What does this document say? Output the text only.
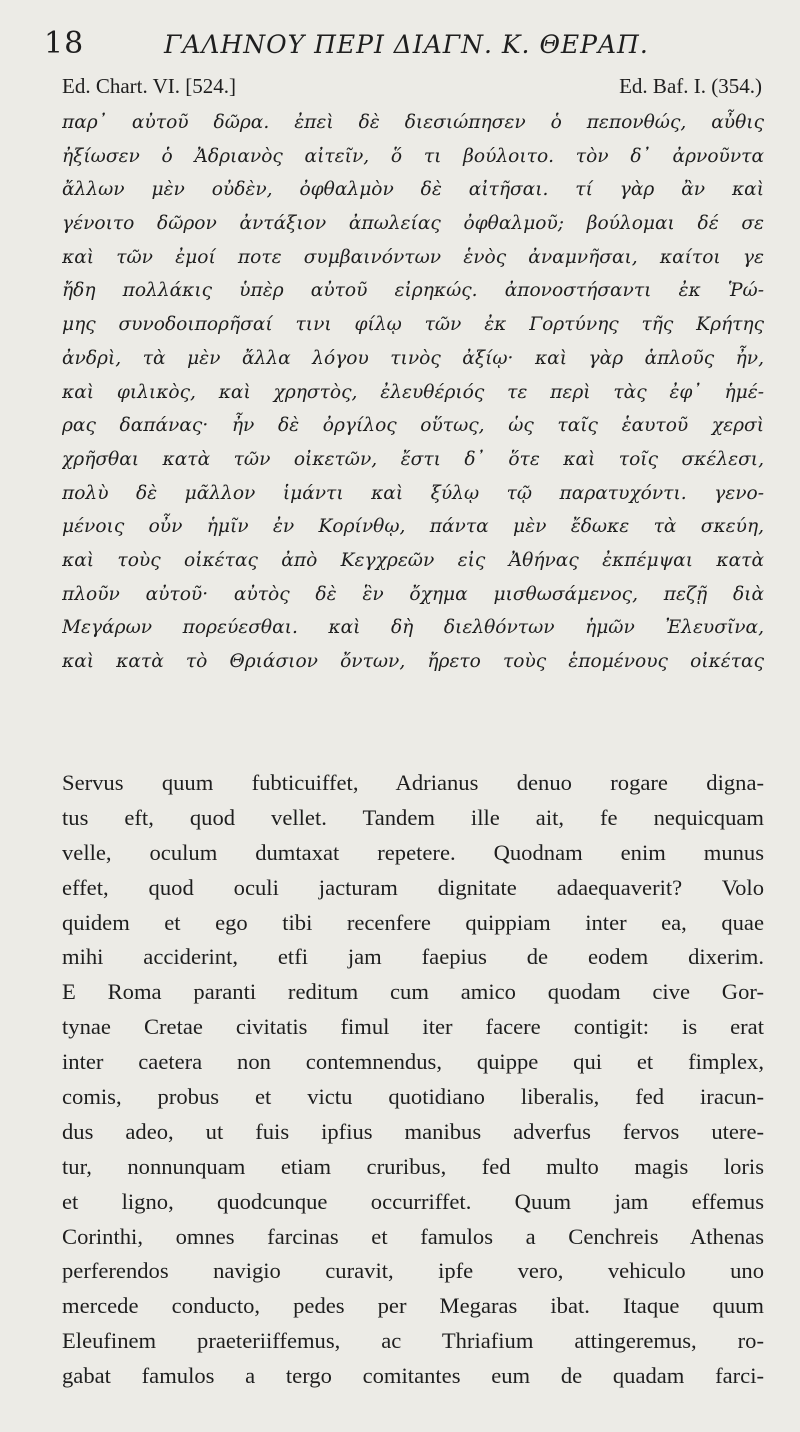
18	ΓΑΛΗΝΟΥ ΠΕΡΙ ΔΙΑΓΝ. Κ. ΘΕΡΑΠ.
Ed. Chart. VI. [524.]	Ed. Baf. I. (354.)
παρ᾽ αὐτοῦ δῶρα. ἐπεὶ δὲ διεσιώπησεν ὁ πεπονθώς, αὖθις
ἠξίωσεν ὁ Ἀδριανὸς αἰτεῖν, ὅ τι βούλοιτο. τὸν δ᾽ ἀρνοῦντα
ἄλλων μὲν οὐδὲν, ὀφθαλμὸν δὲ αἰτῆσαι. τί γὰρ ἂν καὶ
γένοιτο δῶρον ἀντάξιον ἀπωλείας ὀφθαλμοῦ; βούλομαι δέ σε
καὶ τῶν ἐμοί ποτε συμβαινόντων ἑνὸς ἀναμνῆσαι, καίτοι γε
ἤδη πολλάκις ὑπὲρ αὐτοῦ εἰρηκώς. ἀπονοστήσαντι ἐκ Ῥώ-
μης συνοδοιπορῆσαί τινι φίλῳ τῶν ἐκ Γορτύνης τῆς Κρήτης
ἀνδρὶ, τὰ μὲν ἄλλα λόγου τινὸς ἀξίῳ· καὶ γὰρ ἁπλοῦς ἦν,
καὶ φιλικὸς, καὶ χρηστὸς, ἐλευθέριός τε περὶ τὰς ἐφ᾽ ἡμέ-
ρας δαπάνας· ἦν δὲ ὀργίλος οὕτως, ὡς ταῖς ἑαυτοῦ χερσὶ
χρῆσθαι κατὰ τῶν οἰκετῶν, ἔστι δ᾽ ὅτε καὶ τοῖς σκέλεσι,
πολὺ δὲ μᾶλλον ἱμάντι καὶ ξύλῳ τῷ παρατυχόντι. γενο-
μένοις οὖν ἡμῖν ἐν Κορίνθῳ, πάντα μὲν ἔδωκε τὰ σκεύη,
καὶ τοὺς οἰκέτας ἀπὸ Κεγχρεῶν εἰς Ἀθήνας ἐκπέμψαι κατὰ
πλοῦν αὐτοῦ· αὐτὸς δὲ ἓν ὄχημα μισθωσάμενος, πεζῇ διὰ
Μεγάρων πορεύεσθαι. καὶ δὴ διελθόντων ἡμῶν Ἐλευσῖνα,
καὶ κατὰ τὸ Θριάσιον ὄντων, ἤρετο τοὺς ἑπομένους οἰκέτας
Servus quum fubticuiffet, Adrianus denuo rogare digna-
tus eft, quod vellet. Tandem ille ait, fe nequicquam
velle, oculum dumtaxat repetere. Quodnam enim munus
effet, quod oculi jacturam dignitate adaequaverit? Volo
quidem et ego tibi recenfere quippiam inter ea, quae
mihi acciderint, etfi jam faepius de eodem dixerim.
E Roma paranti reditum cum amico quodam cive Gor-
tynae Cretae civitatis fimul iter facere contigit: is erat
inter caetera non contemnendus, quippe qui et fimplex,
comis, probus et victu quotidiano liberalis, fed iracun-
dus adeo, ut fuis ipfius manibus adverfus fervos utere-
tur, nonnunquam etiam cruribus, fed multo magis loris
et ligno, quodcunque occurriffet. Quum jam effemus
Corinthi, omnes farcinas et famulos a Cenchreis Athenas
perferendos navigio curavit, ipfe vero, vehiculo uno
mercede conducto, pedes per Megaras ibat. Itaque quum
Eleufinem praeteriiffemus, ac Thriafium attingeremus, ro-
gabat famulos a tergo comitantes eum de quadam farci-
